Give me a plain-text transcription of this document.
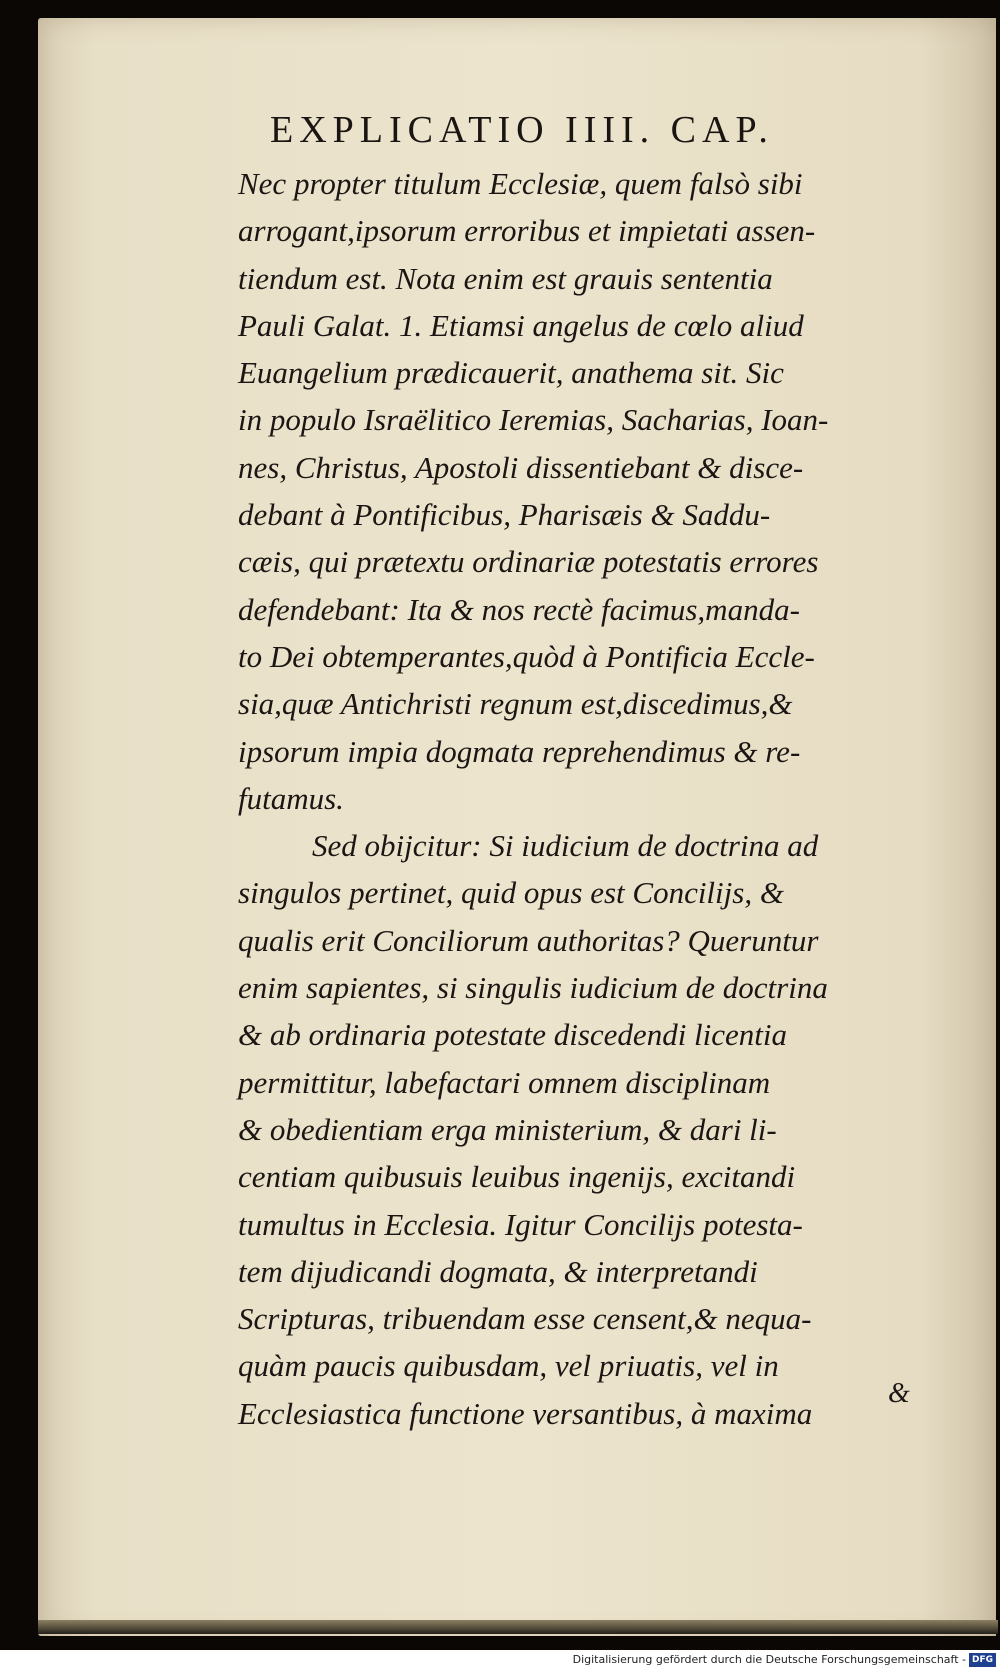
EXPLICATIO IIII. CAP.
Nec propter titulum Ecclesiæ, quem falsò sibi
arrogant,ipsorum erroribus et impietati assen-
tiendum est. Nota enim est grauis sententia
Pauli Galat. 1. Etiamsi angelus de cœlo aliud
Euangelium prædicauerit, anathema sit. Sic
in populo Israëlitico Ieremias, Sacharias, Ioan-
nes, Christus, Apostoli dissentiebant & disce-
debant à Pontificibus, Pharisæis & Saddu-
cæis, qui prætextu ordinariæ potestatis errores
defendebant: Ita & nos rectè facimus,manda-
to Dei obtemperantes,quòd à Pontificia Eccle-
sia,quæ Antichristi regnum est,discedimus,&
ipsorum impia dogmata reprehendimus & re-
futamus.
Sed obijcitur: Si iudicium de doctrina ad
singulos pertinet, quid opus est Concilijs, &
qualis erit Conciliorum authoritas? Queruntur
enim sapientes, si singulis iudicium de doctrina
& ab ordinaria potestate discedendi licentia
permittitur, labefactari omnem disciplinam
& obedientiam erga ministerium, & dari li-
centiam quibusuis leuibus ingenijs, excitandi
tumultus in Ecclesia. Igitur Concilijs potesta-
tem dijudicandi dogmata, & interpretandi
Scripturas, tribuendam esse censent,& nequa-
quàm paucis quibusdam, vel priuatis, vel in
Ecclesiastica functione versantibus, à maxima
&
Digitalisierung gefördert durch die Deutsche Forschungsgemeinschaft - DFG
